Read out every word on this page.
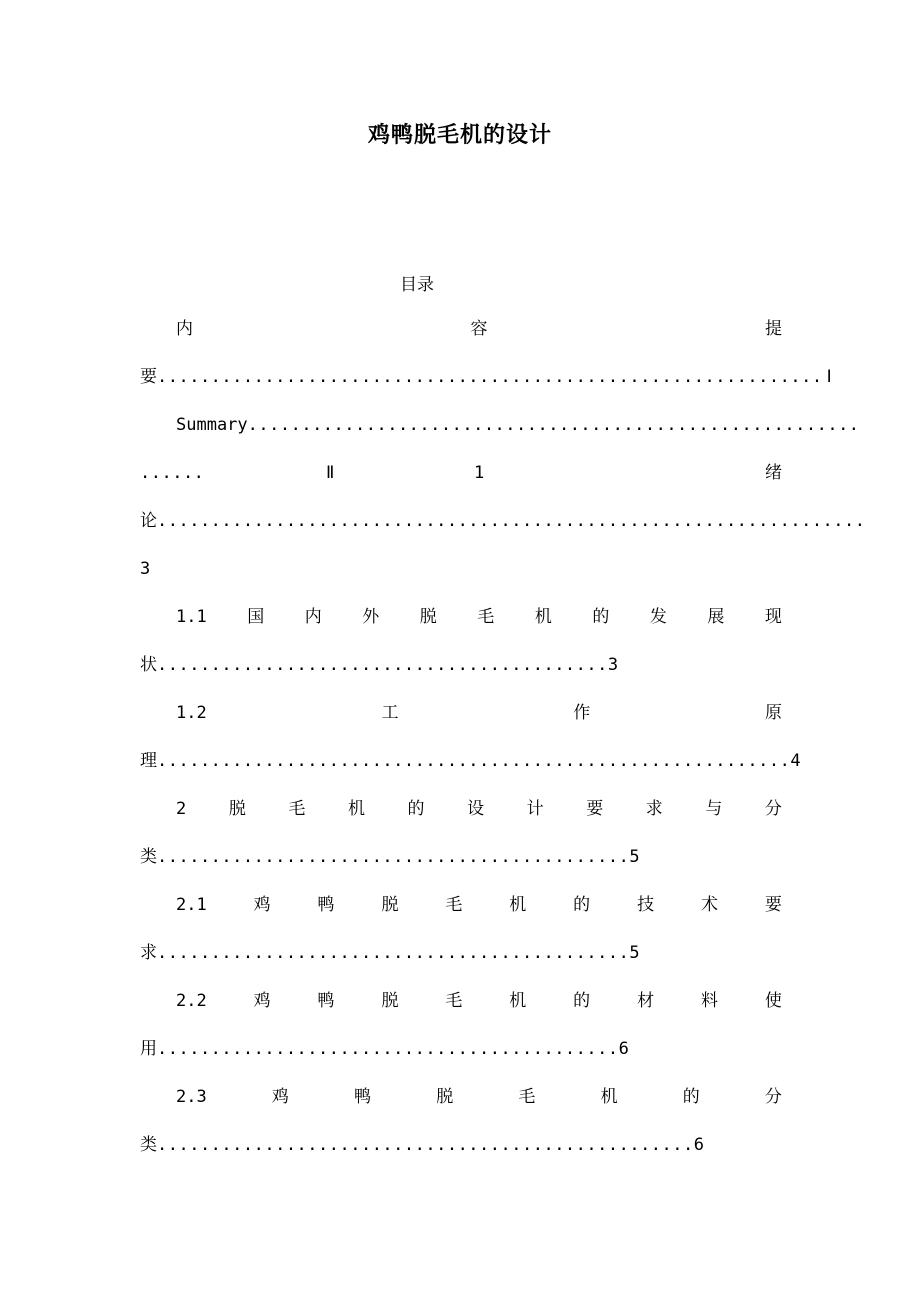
鸡鸭脱毛机的设计
目录
内	容	提
要 .............................................................. Ⅰ
Summary .........................................................
......	Ⅱ	1	绪
论 ..................................................................
3
1.1 国 内 外 脱 毛 机 的 发 展 现
状 .......................................... 3
1.2	工	作	原
理 ........................................................... 4
2	脱	毛	机	的	设	计	要	求	与	分
类 ............................................ 5
2.1	鸡	鸭	脱	毛	机	的	技	术	要
求 ............................................ 5
2.2	鸡	鸭	脱	毛	机	的	材	料	使
用 ........................................... 6
2.3	鸡	鸭	脱	毛	机	的	分
类 .................................................. 6
